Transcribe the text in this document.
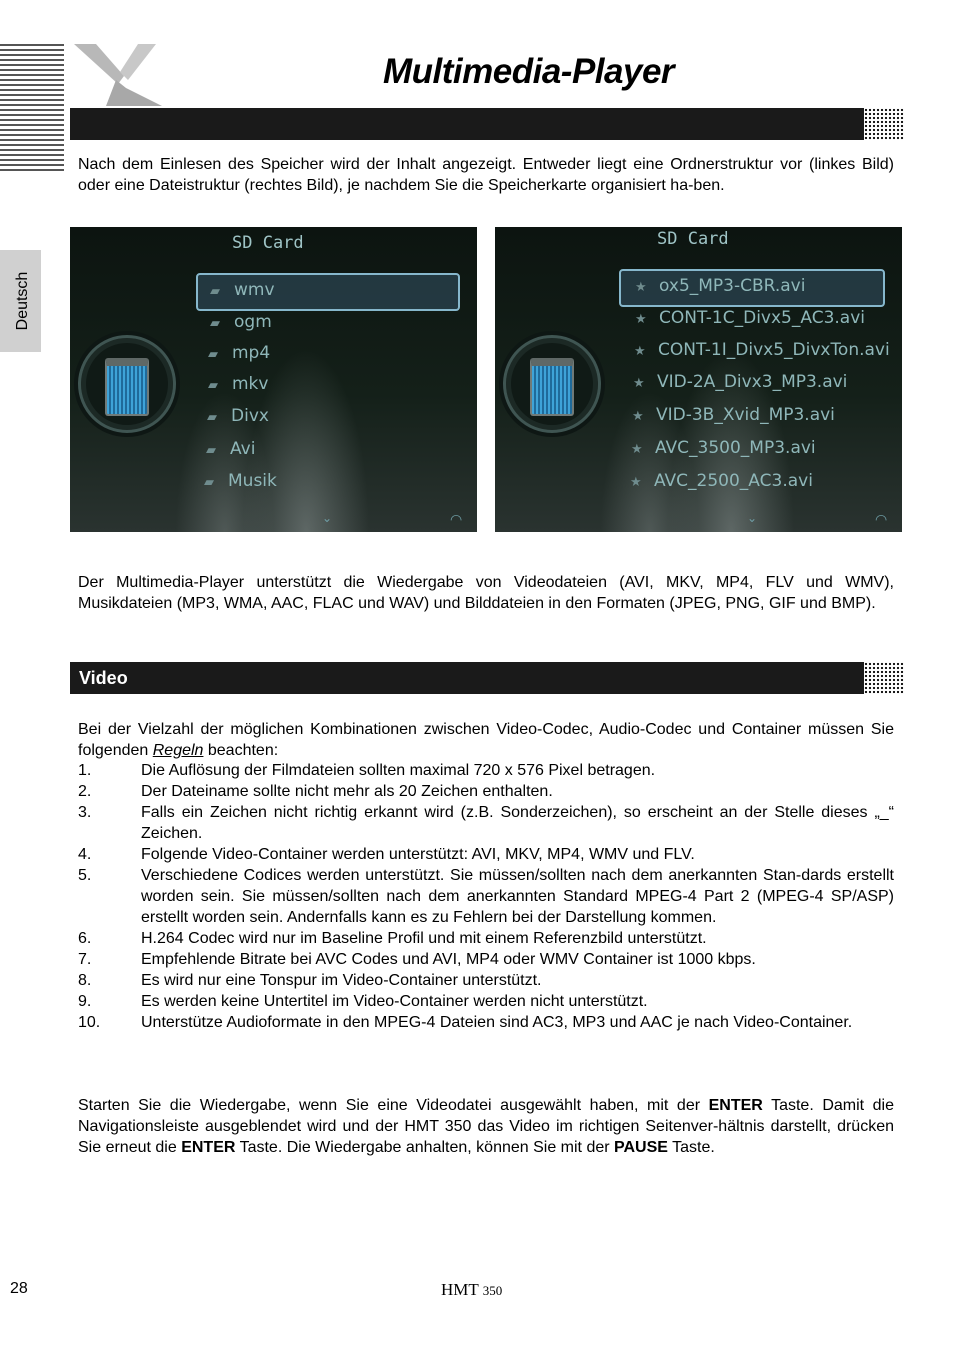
Multimedia-Player
Deutsch
Nach dem Einlesen des Speicher wird der Inhalt angezeigt. Entweder liegt eine Ordnerstruktur vor (linkes Bild) oder eine Dateistruktur (rechtes Bild), je nachdem Sie die Speicherkarte organisiert ha-ben.
SD Card
▰ wmv
▰ ogm
▰ mp4
▰ mkv
▰ Divx
▰ Avi
▰ Musik
⌄	◠
SD Card
★ ox5_MP3-CBR.avi
★ CONT-1C_Divx5_AC3.avi
★ CONT-1I_Divx5_DivxTon.avi
★ VID-2A_Divx3_MP3.avi
★ VID-3B_Xvid_MP3.avi
★ AVC_3500_MP3.avi
★ AVC_2500_AC3.avi
⌄	◠
Der Multimedia-Player unterstützt die Wiedergabe von Videodateien (AVI, MKV, MP4, FLV und WMV), Musikdateien (MP3, WMA, AAC, FLAC und WAV) und Bilddateien in den Formaten (JPEG, PNG, GIF und BMP).
Video
Bei der Vielzahl der möglichen Kombinationen zwischen Video-Codec, Audio-Codec und Container müssen Sie folgenden Regeln beachten:
1.	Die Auflösung der Filmdateien sollten maximal 720 x 576 Pixel betragen.
2.	Der Dateiname sollte nicht mehr als 20 Zeichen enthalten.
3.	Falls ein Zeichen nicht richtig erkannt wird (z.B. Sonderzeichen), so erscheint an der Stelle dieses „_“ Zeichen.
4.	Folgende Video-Container werden unterstützt: AVI, MKV, MP4, WMV und FLV.
5.	Verschiedene Codices werden unterstützt. Sie müssen/sollten nach dem anerkannten Stan-dards erstellt worden sein. Sie müssen/sollten nach dem anerkannten Standard MPEG-4 Part 2 (MPEG-4 SP/ASP) erstellt worden sein. Andernfalls kann es zu Fehlern bei der Darstellung kommen.
6.	H.264 Codec wird nur im Baseline Profil und mit einem Referenzbild unterstützt.
7.	Empfehlende Bitrate bei AVC Codes und AVI, MP4 oder WMV Container ist 1000 kbps.
8.	Es wird nur eine Tonspur im Video-Container unterstützt.
9.	Es werden keine Untertitel im Video-Container werden nicht unterstützt.
10.	Unterstütze Audioformate in den MPEG-4 Dateien sind AC3, MP3 und AAC je nach Video-Container.
Starten Sie die Wiedergabe, wenn Sie eine Videodatei ausgewählt haben, mit der ENTER Taste. Damit die Navigationsleiste ausgeblendet wird und der HMT 350 das Video im richtigen Seitenver-hältnis darstellt, drücken Sie erneut die ENTER Taste. Die Wiedergabe anhalten, können Sie mit der PAUSE Taste.
28	HMT 350
